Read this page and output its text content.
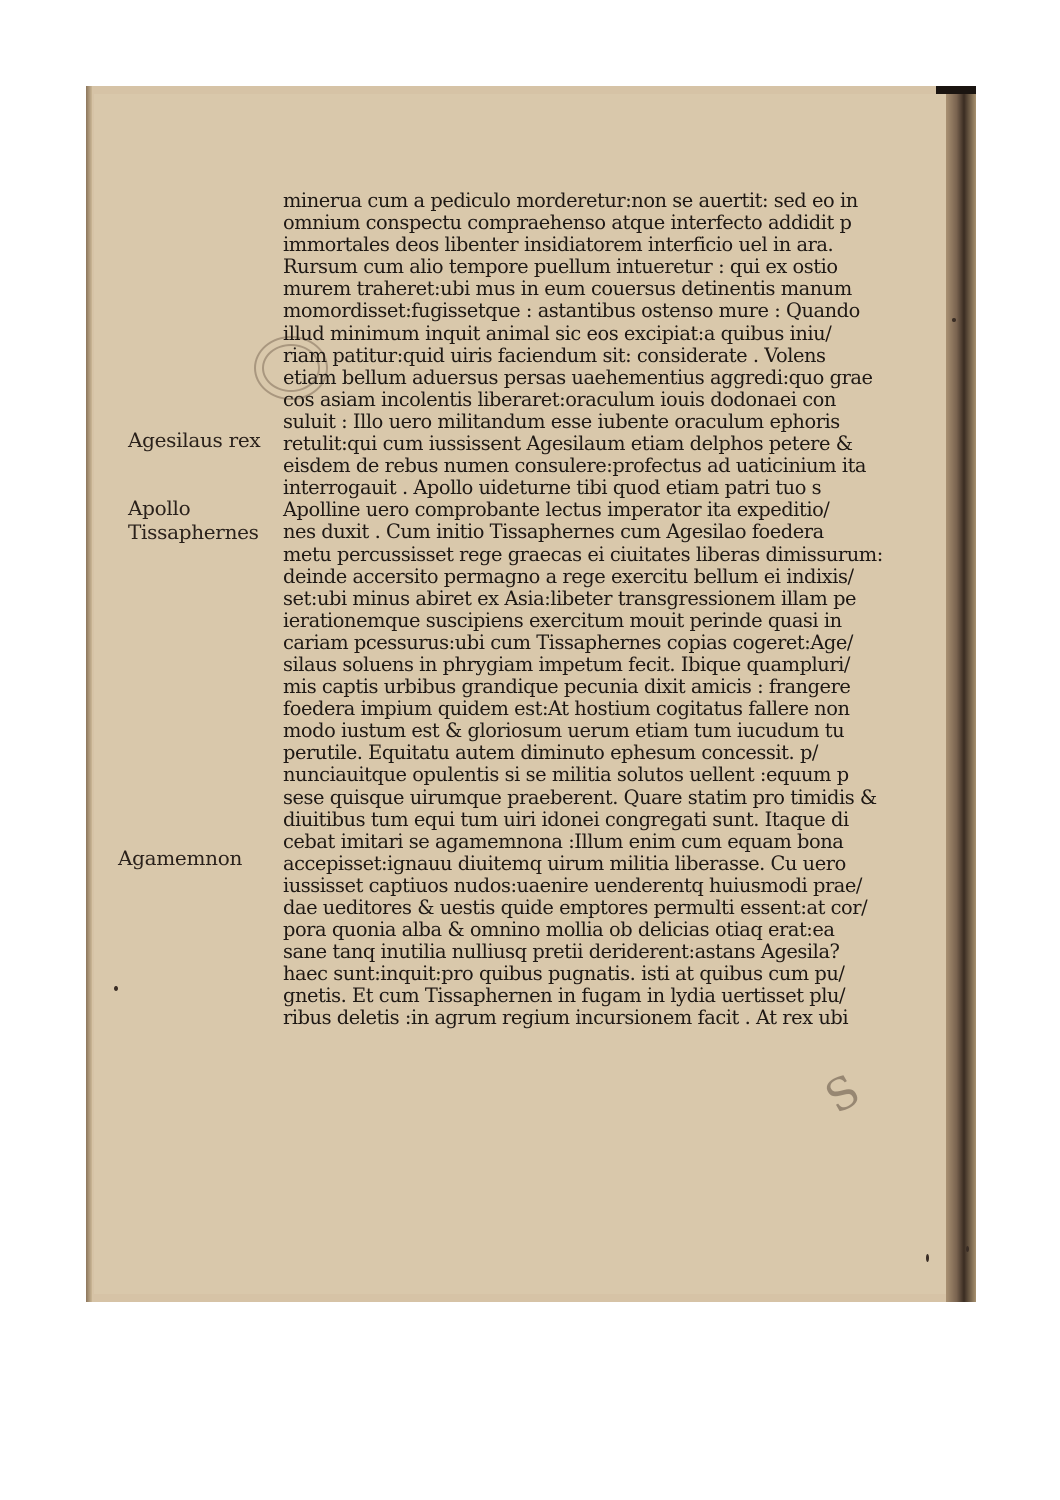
S
Agesilaus rex
Apollo
Tissaphernes
Agamemnon
minerua cum a pediculo morderetur:non se auertit: sed eo in
omnium conspectu compraehenso atque interfecto addidit p
immortales deos libenter insidiatorem interficio uel in ara.
Rursum cum alio tempore puellum intueretur : qui ex ostio
murem traheret:ubi mus in eum couersus detinentis manum
momordisset:fugissetque : astantibus ostenso mure : Quando
illud minimum inquit animal sic eos excipiat:a quibus iniu/
riam patitur:quid uiris faciendum sit: considerate . Volens
etiam bellum aduersus persas uaehementius aggredi:quo grae
cos asiam incolentis liberaret:oraculum iouis dodonaei con
suluit : Illo uero militandum esse iubente oraculum ephoris
retulit:qui cum iussissent Agesilaum etiam delphos petere &
eisdem de rebus numen consulere:profectus ad uaticinium ita
interrogauit . Apollo uideturne tibi quod etiam patri tuo s
Apolline uero comprobante lectus imperator ita expeditio/
nes duxit . Cum initio Tissaphernes cum Agesilao foedera
metu percussisset rege graecas ei ciuitates liberas dimissurum:
deinde accersito permagno a rege exercitu bellum ei indixis/
set:ubi minus abiret ex Asia:libeter transgressionem illam pe
ierationemque suscipiens exercitum mouit perinde quasi in
cariam pcessurus:ubi cum Tissaphernes copias cogeret:Age/
silaus soluens in phrygiam impetum fecit. Ibique quampluri/
mis captis urbibus grandique pecunia dixit amicis : frangere
foedera impium quidem est:At hostium cogitatus fallere non
modo iustum est & gloriosum uerum etiam tum iucudum tu
perutile. Equitatu autem diminuto ephesum concessit. p/
nunciauitque opulentis si se militia solutos uellent :equum p
sese quisque uirumque praeberent. Quare statim pro timidis &
diuitibus tum equi tum uiri idonei congregati sunt. Itaque di
cebat imitari se agamemnona :Illum enim cum equam bona
accepisset:ignauu diuitemq uirum militia liberasse. Cu uero
iussisset captiuos nudos:uaenire uenderentq huiusmodi prae/
dae ueditores & uestis quide emptores permulti essent:at cor/
pora quonia alba & omnino mollia ob delicias otiaq erat:ea
sane tanq inutilia nulliusq pretii deriderent:astans Agesila?
haec sunt:inquit:pro quibus pugnatis. isti at quibus cum pu/
gnetis. Et cum Tissaphernen in fugam in lydia uertisset plu/
ribus deletis :in agrum regium incursionem facit . At rex ubi
